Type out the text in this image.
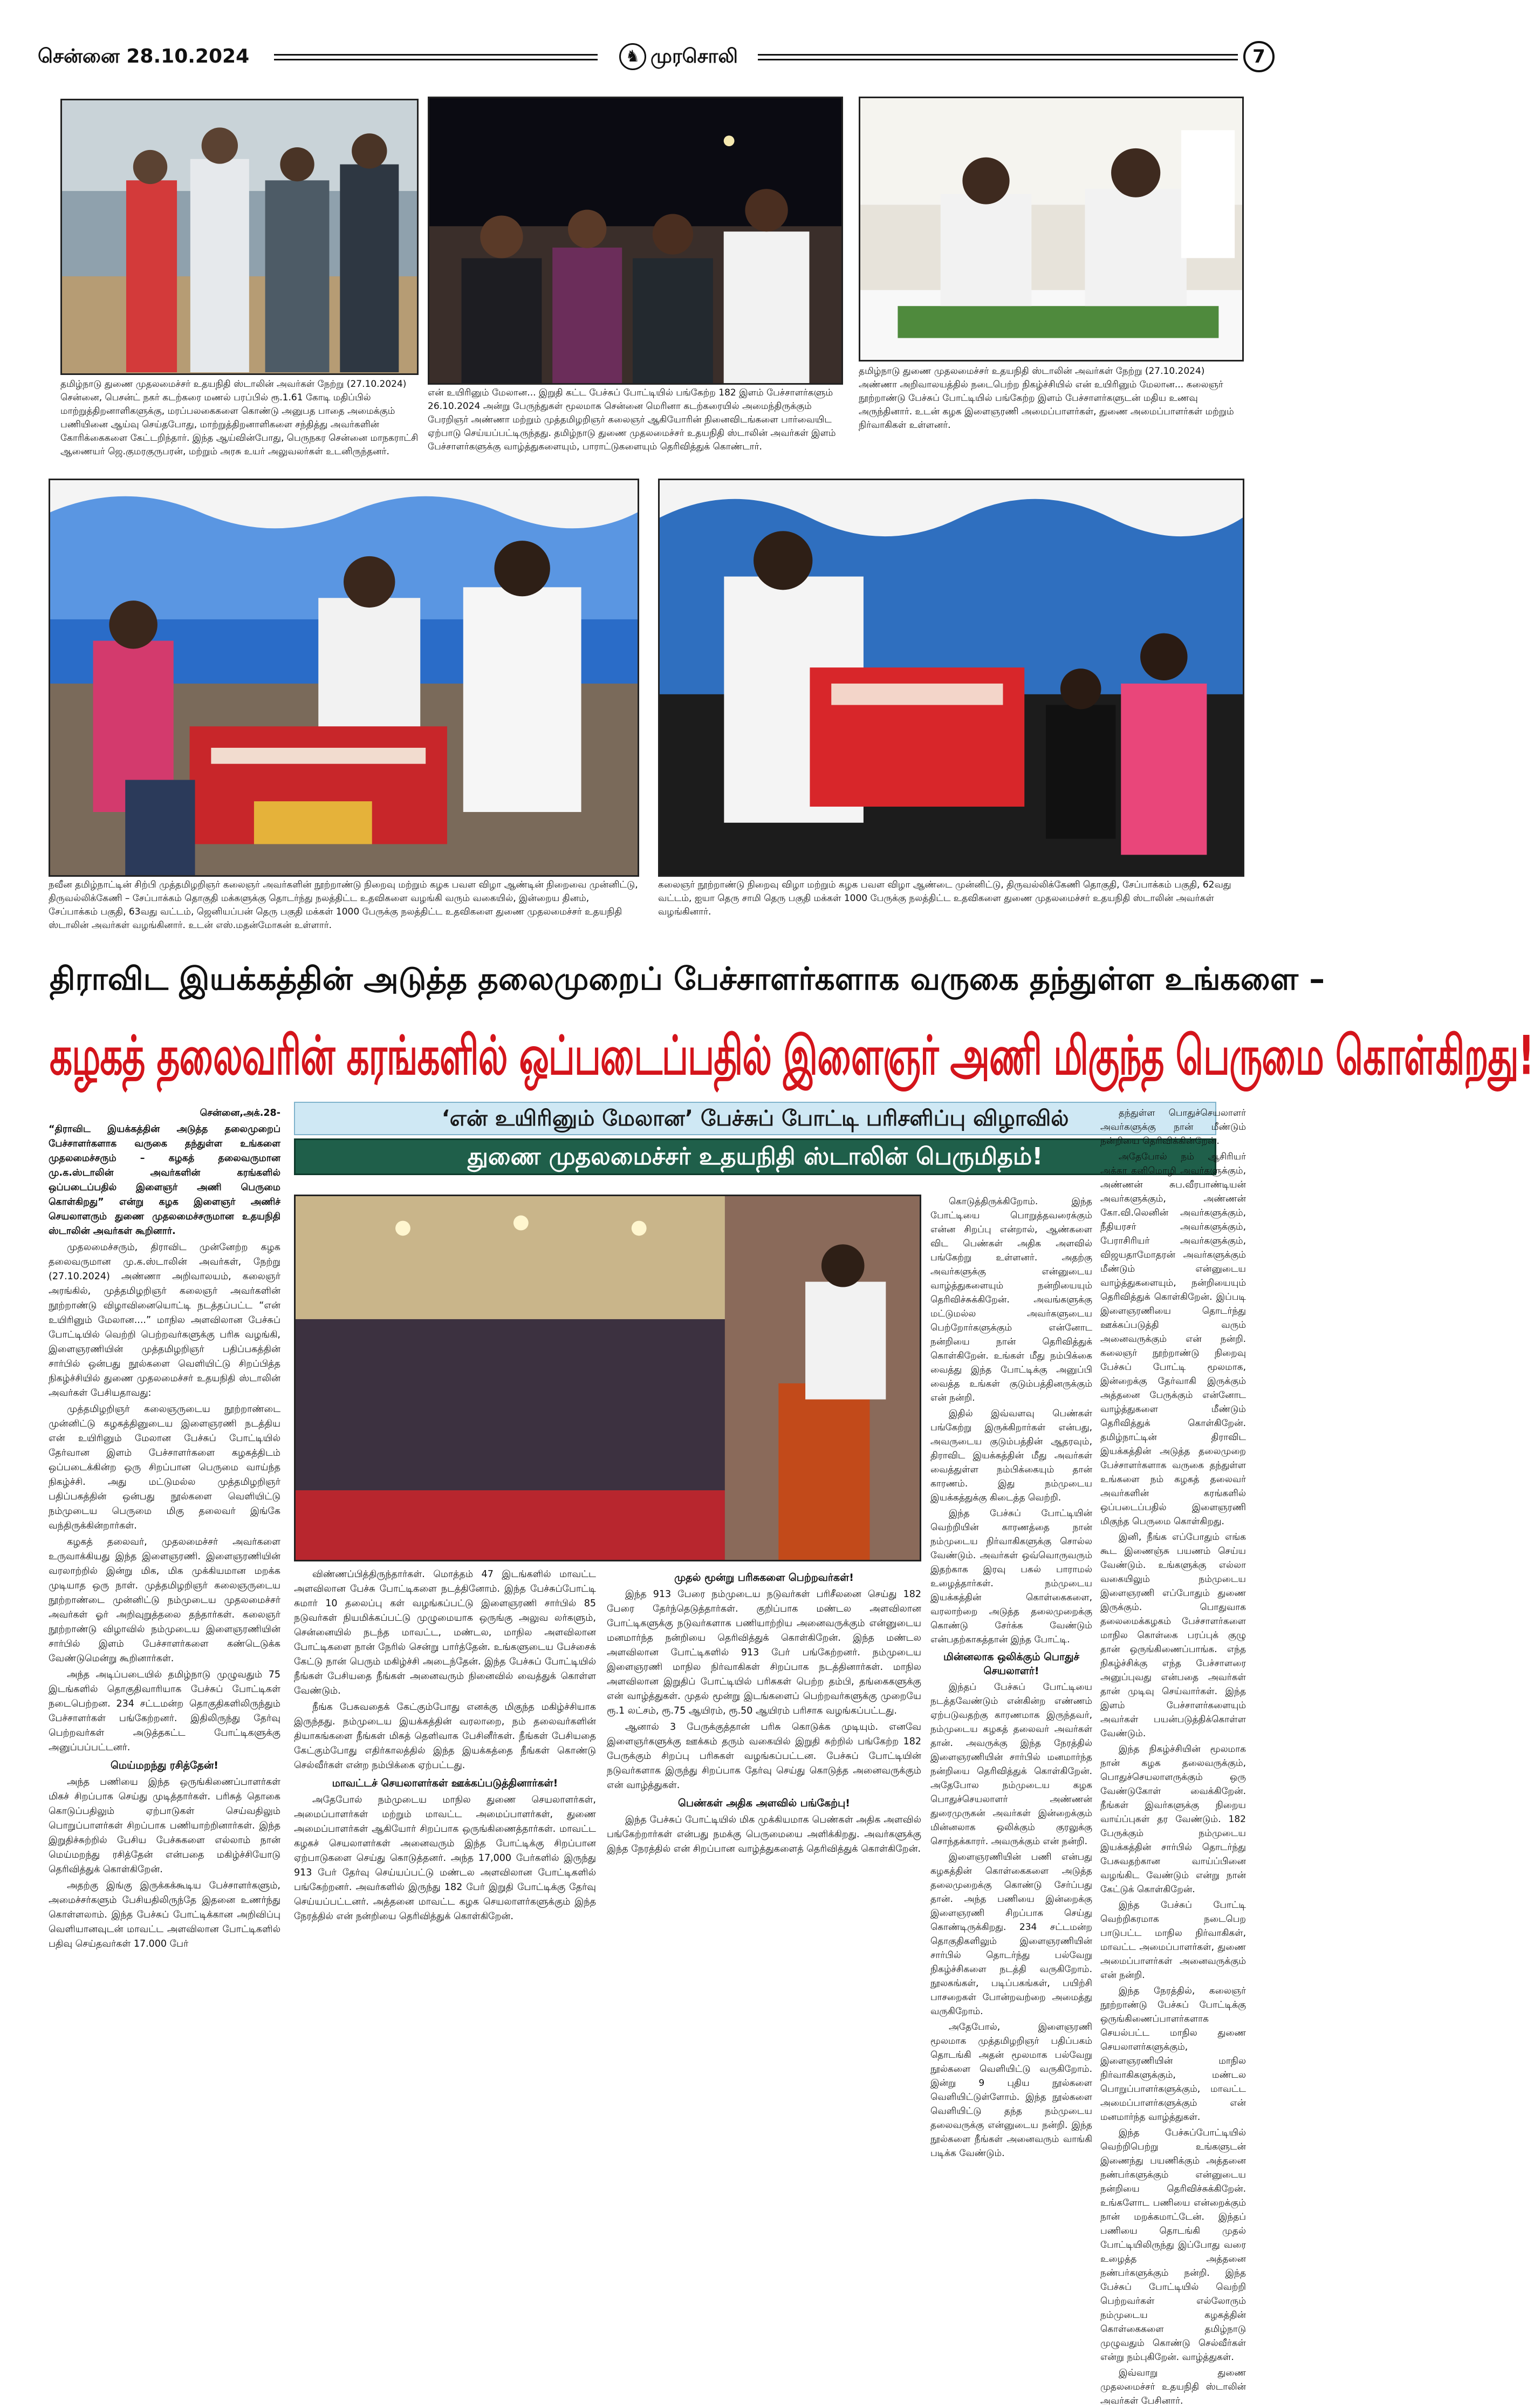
சென்னை 28.10.2024	♞ முரசொலி	7
தமிழ்நாடு துணை முதலமைச்சர் உதயநிதி ஸ்டாலின் அவர்கள் நேற்று (27.10.2024) சென்னை, பெசன்ட் நகர் கடற்கரை மணல் பரப்பில் ரூ.1.61 கோடி மதிப்பில் மாற்றுத்திறனாளிகளுக்கு, மரப்பலகைகளை கொண்டு அனுபத பாதை அமைக்கும் பணியினை ஆய்வு செய்தபோது, மாற்றுத்திறனாளிகளை சந்தித்து அவர்களின் கோரிக்கைகளை கேட்டறிந்தார். இந்த ஆய்வின்போது, பெருநகர சென்னை மாநகராட்சி ஆணையர் ஜெ.குமரகுருபரன், மற்றும் அரசு உயர் அலுவலர்கள் உடனிருந்தனர்.
என் உயிரினும் மேலான... இறுதி கட்ட பேச்சுப் போட்டியில் பங்கேற்ற 182 இளம் பேச்சாளர்களும் 26.10.2024 அன்று பேருந்துகள் மூலமாக சென்னை மெரினா கடற்கரையில் அமைந்திருக்கும் பேரறிஞர் அண்ணா மற்றும் முத்தமிழறிஞர் கலைஞர் ஆகியோரின் நினைவிடங்களை பார்வையிட ஏற்பாடு செய்யப்பட்டிருந்தது. தமிழ்நாடு துணை முதலமைச்சர் உதயநிதி ஸ்டாலின் அவர்கள் இளம் பேச்சாளர்களுக்கு வாழ்த்துகளையும், பாராட்டுகளையும் தெரிவித்துக் கொண்டார்.
தமிழ்நாடு துணை முதலமைச்சர் உதயநிதி ஸ்டாலின் அவர்கள் நேற்று (27.10.2024) அண்ணா அறிவாலயத்தில் நடைபெற்ற நிகழ்ச்சியில் என் உயிரினும் மேலான... கலைஞர் நூற்றாண்டு பேச்சுப் போட்டியில் பங்கேற்ற இளம் பேச்சாளர்களுடன் மதிய உணவு அருந்தினார். உடன் கழக இளைஞரணி அமைப்பாளர்கள், துணை அமைப்பாளர்கள் மற்றும் நிர்வாகிகள் உள்ளனர்.
நவீன தமிழ்நாட்டின் சிற்பி முத்தமிழறிஞர் கலைஞர் அவர்களின் நூற்றாண்டு நிறைவு மற்றும் கழக பவள விழா ஆண்டின் நிறைவை முன்னிட்டு, திருவல்லிக்கேணி – சேப்பாக்கம் தொகுதி மக்களுக்கு தொடர்ந்து நலத்திட்ட உதவிகளை வழங்கி வரும் வகையில், இன்றைய தினம், சேப்பாக்கம் பகுதி, 63வது வட்டம், ஜெனியப்பன் தெரு பகுதி மக்கள் 1000 பேருக்கு நலத்திட்ட உதவிகளை துணை முதலமைச்சர் உதயநிதி ஸ்டாலின் அவர்கள் வழங்கினார். உடன் எஸ்.மதன்மோகன் உள்ளார்.
கலைஞர் நூற்றாண்டு நிறைவு விழா மற்றும் கழக பவள விழா ஆண்டை முன்னிட்டு, திருவல்லிக்கேணி தொகுதி, சேப்பாக்கம் பகுதி, 62வது வட்டம், ஐயா தெரு சாமி தெரு பகுதி மக்கள் 1000 பேருக்கு நலத்திட்ட உதவிகளை துணை முதலமைச்சர் உதயநிதி ஸ்டாலின் அவர்கள் வழங்கினார்.
திராவிட இயக்கத்தின் அடுத்த தலைமுறைப் பேச்சாளர்களாக வருகை தந்துள்ள உங்களை –
கழகத் தலைவரின் கரங்களில் ஒப்படைப்பதில் இளைஞர் அணி மிகுந்த பெருமை கொள்கிறது!
‘என் உயிரினும் மேலான’ பேச்சுப் போட்டி பரிசளிப்பு விழாவில்
துணை முதலமைச்சர் உதயநிதி ஸ்டாலின் பெருமிதம்!

சென்னை,அக்.28-

“திராவிட இயக்கத்தின் அடுத்த தலைமுறைப் பேச்சாளர்களாக வருகை தந்துள்ள உங்களை முதலமைச்சரும் – கழகத் தலைவருமான மு.க.ஸ்டாலின் அவர்களின் கரங்களில் ஒப்படைப்பதில் இளைஞர் அணி பெருமை கொள்கிறது” என்று கழக இளைஞர் அணிச் செயலாளரும் துணை முதலமைச்சருமான உதயநிதி ஸ்டாலின் அவர்கள் கூறினார்.

முதலமைச்சரும், திராவிட முன்னேற்ற கழக தலைவருமான மு.க.ஸ்டாலின் அவர்கள், நேற்று (27.10.2024) அண்ணா அறிவாலயம், கலைஞர் அரங்கில், முத்தமிழறிஞர் கலைஞர் அவர்களின் நூற்றாண்டு விழாவினையொட்டி நடத்தப்பட்ட “என் உயிரினும் மேலான....” மாநில அளவிலான பேச்சுப் போட்டியில் வெற்றி பெற்றவர்களுக்கு பரிசு வழங்கி, இளைஞரணியின் முத்தமிழறிஞர் பதிப்பகத்தின் சார்பில் ஒன்பது நூல்களை வெளியிட்டு சிறப்பித்த நிகழ்ச்சியில் துணை முதலமைச்சர் உதயநிதி ஸ்டாலின் அவர்கள் பேசியதாவது:

முத்தமிழறிஞர் கலைஞருடைய நூற்றாண்டை முன்னிட்டு கழகத்தினுடைய இளைஞரணி நடத்திய என் உயிரினும் மேலான பேச்சுப் போட்டியில் தேர்வான இளம் பேச்சாளர்களை கழகத்திடம் ஒப்படைக்கின்ற ஒரு சிறப்பான பெருமை வாய்ந்த நிகழ்ச்சி. அது மட்டுமல்ல முத்தமிழறிஞர் பதிப்பகத்தின் ஒன்பது நூல்களை வெளியிட்டு நம்முடைய பெருமை மிகு தலைவர் இங்கே வந்திருக்கின்றார்கள்.

கழகத் தலைவர், முதலமைச்சர் அவர்களை உருவாக்கியது இந்த இளைஞரணி. இளைஞரணியின் வரலாற்றில் இன்று மிக, மிக முக்கியமான மறக்க முடியாத ஒரு நாள். முத்தமிழறிஞர் கலைஞருடைய நூற்றாண்டை முன்னிட்டு நம்முடைய முதலமைச்சர் அவர்கள் ஓர் அறிவுறுத்தலை தந்தார்கள். கலைஞர் நூற்றாண்டு விழாவில் நம்முடைய இளைஞரணியின் சார்பில் இளம் பேச்சாளர்களை கண்டெடுக்க வேண்டுமென்று கூறினார்கள்.

அந்த அடிப்படையில் தமிழ்நாடு முழுவதும் 75 இடங்களில் தொகுதிவாரியாக பேச்சுப் போட்டிகள் நடைபெற்றன. 234 சட்டமன்ற தொகுதிகளிலிருந்தும் பேச்சாளர்கள் பங்கேற்றனர். இதிலிருந்து தேர்வு பெற்றவர்கள் அடுத்தகட்ட போட்டிகளுக்கு அனுப்பப்பட்டனர்.

மெய்மறந்து ரசித்தேன்!

அந்த பணியை இந்த ஒருங்கிணைப்பாளர்கள் மிகச் சிறப்பாக செய்து முடித்தார்கள். பரிசுத் தொகை கொடுப்பதிலும் ஏற்பாடுகள் செய்வதிலும் பொறுப்பாளர்கள் சிறப்பாக பணியாற்றினார்கள். இந்த இறுதிச்சுற்றில் பேசிய பேச்சுகளை எல்லாம் நான் மெய்மறந்து ரசித்தேன் என்பதை மகிழ்ச்சியோடு தெரிவித்துக் கொள்கிறேன்.

அதற்கு இங்கு இருக்கக்கூடிய பேச்சாளர்களும், அமைச்சர்களும் பேசியதிலிருந்தே இதனை உணர்ந்து கொள்ளலாம். இந்த பேச்சுப் போட்டிக்கான அறிவிப்பு வெளியானவுடன் மாவட்ட அளவிலான போட்டிகளில் பதிவு செய்தவர்கள் 17.000 பேர்

விண்ணப்பித்திருந்தார்கள். மொத்தம் 47 இடங்களில் மாவட்ட அளவிலான பேச்சு போட்டிகளை நடத்தினோம். இந்த பேச்சுப்போட்டி சுமார் 10 தலைப்பு கள் வழங்கப்பட்டு இளைஞரணி சார்பில் 85 நடுவர்கள் நியமிக்கப்பட்டு முழுமையாக ஒருங்கு அலுவ லர்களும், சென்னையில் நடந்த மாவட்ட, மண்டல, மாநில அளவிலான போட்டிகளை நான் நேரில் சென்று பார்த்தேன். உங்களுடைய பேச்சைக் கேட்டு நான் பெரும் மகிழ்ச்சி அடைந்தேன். இந்த பேச்சுப் போட்டியில் நீங்கள் பேசியதை நீங்கள் அனைவரும் நினைவில் வைத்துக் கொள்ள வேண்டும்.

நீங்க பேசுவதைக் கேட்கும்போது எனக்கு மிகுந்த மகிழ்ச்சியாக இருந்தது. நம்முடைய இயக்கத்தின் வரலாறை, நம் தலைவர்களின் தியாகங்களை நீங்கள் மிகத் தெளிவாக பேசினீர்கள். நீங்கள் பேசியதை கேட்கும்போது எதிர்காலத்தில் இந்த இயக்கத்தை நீங்கள் கொண்டு செல்வீர்கள் என்ற நம்பிக்கை ஏற்பட்டது.

மாவட்டச் செயலாளர்கள் ஊக்கப்படுத்தினார்கள்!

அதேபோல் நம்முடைய மாநில துணை செயலாளர்கள், அமைப்பாளர்கள் மற்றும் மாவட்ட அமைப்பாளர்கள், துணை அமைப்பாளர்கள் ஆகியோர் சிறப்பாக ஒருங்கிணைத்தார்கள். மாவட்ட கழகச் செயலாளர்கள் அனைவரும் இந்த போட்டிக்கு சிறப்பான ஏற்பாடுகளை செய்து கொடுத்தனர். அந்த 17,000 பேர்களில் இருந்து 913 பேர் தேர்வு செய்யப்பட்டு மண்டல அளவிலான போட்டிகளில் பங்கேற்றனர். அவர்களில் இருந்து 182 பேர் இறுதி போட்டிக்கு தேர்வு செய்யப்பட்டனர். அத்தனை மாவட்ட கழக செயலாளர்களுக்கும் இந்த நேரத்தில் என் நன்றியை தெரிவித்துக் கொள்கிறேன்.

முதல் மூன்று பரிசுகளை பெற்றவர்கள்!

இந்த 913 பேரை நம்முடைய நடுவர்கள் பரிசீலனை செய்து 182 பேரை தேர்ந்தெடுத்தார்கள். குறிப்பாக மண்டல அளவிலான போட்டிகளுக்கு நடுவர்களாக பணியாற்றிய அனைவருக்கும் என்னுடைய மனமார்ந்த நன்றியை தெரிவித்துக் கொள்கிறேன். இந்த மண்டல அளவிலான போட்டிகளில் 913 பேர் பங்கேற்றனர். நம்முடைய இளைஞரணி மாநில நிர்வாகிகள் சிறப்பாக நடத்தினார்கள். மாநில அளவிலான இறுதிப் போட்டியில் பரிசுகள் பெற்ற தம்பி, தங்கைகளுக்கு என் வாழ்த்துகள். முதல் மூன்று இடங்களைப் பெற்றவர்களுக்கு முறையே ரூ.1 லட்சம், ரூ.75 ஆயிரம், ரூ.50 ஆயிரம் பரிசாக வழங்கப்பட்டது.

ஆனால் 3 பேருக்குத்தான் பரிசு கொடுக்க முடியும். எனவே இளைஞர்களுக்கு ஊக்கம் தரும் வகையில் இறுதி சுற்றில் பங்கேற்ற 182 பேருக்கும் சிறப்பு பரிசுகள் வழங்கப்பட்டன. பேச்சுப் போட்டியின் நடுவர்களாக இருந்து சிறப்பாக தேர்வு செய்து கொடுத்த அனைவருக்கும் என் வாழ்த்துகள்.

பெண்கள் அதிக அளவில் பங்கேற்பு!

இந்த பேச்சுப் போட்டியில் மிக முக்கியமாக பெண்கள் அதிக அளவில் பங்கேற்றார்கள் என்பது நமக்கு பெருமையை அளிக்கிறது. அவர்களுக்கு இந்த நேரத்தில் என் சிறப்பான வாழ்த்துகளைத் தெரிவித்துக் கொள்கிறேன்.

கொடுத்திருக்கிறோம். இந்த போட்டியை பொறுத்தவரைக்கும் என்ன சிறப்பு என்றால், ஆண்களை விட பெண்கள் அதிக அளவில் பங்கேற்று உள்ளனர். அதற்கு அவர்களுக்கு என்னுடைய வாழ்த்துகளையும் நன்றியையும் தெரிவிச்சுக்கிறேன். அவங்களுக்கு மட்டுமல்ல அவர்களுடைய பெற்றோர்களுக்கும் என்னோட நன்றியை நான் தெரிவித்துக் கொள்கிறேன். உங்கள் மீது நம்பிக்கை வைத்து இந்த போட்டிக்கு அனுப்பி வைத்த உங்கள் குடும்பத்தினருக்கும் என் நன்றி.

இதில் இவ்வளவு பெண்கள் பங்கேற்று இருக்கிறார்கள் என்பது, அவருடைய குடும்பத்தின் ஆதரவும், திராவிட இயக்கத்தின் மீது அவர்கள் வைத்துள்ள நம்பிக்கையும் தான் காரணம். இது நம்முடைய இயக்கத்துக்கு கிடைத்த வெற்றி.

இந்த பேச்சுப் போட்டியின் வெற்றியின் காரணத்தை நான் நம்முடைய நிர்வாகிகளுக்கு சொல்ல வேண்டும். அவர்கள் ஒவ்வொருவரும் இதற்காக இரவு பகல் பாராமல் உழைத்தார்கள். நம்முடைய இயக்கத்தின் கொள்கைகளை, வரலாற்றை அடுத்த தலைமுறைக்கு கொண்டு சேர்க்க வேண்டும் என்பதற்காகத்தான் இந்த போட்டி.

மின்னலாக ஒலிக்கும் பொதுச் செயலாளர்!

இந்தப் பேச்சுப் போட்டியை நடத்தவேண்டும் என்கின்ற எண்ணம் ஏற்படுவதற்கு காரணமாக இருந்தவர், நம்முடைய கழகத் தலைவர் அவர்கள் தான். அவருக்கு இந்த நேரத்தில் இளைஞரணியின் சார்பில் மனமார்ந்த நன்றியை தெரிவித்துக் கொள்கிறேன். அதேபோல நம்முடைய கழக பொதுச்செயலாளர் அண்ணன் துரைமுருகன் அவர்கள் இன்றைக்கும் மின்னலாக ஒலிக்கும் குரலுக்கு சொந்தக்காரர். அவருக்கும் என் நன்றி.

இளைஞரணியின் பணி என்பது கழகத்தின் கொள்கைகளை அடுத்த தலைமுறைக்கு கொண்டு சேர்ப்பது தான். அந்த பணியை இன்றைக்கு இளைஞரணி சிறப்பாக செய்து கொண்டிருக்கிறது. 234 சட்டமன்ற தொகுதிகளிலும் இளைஞரணியின் சார்பில் தொடர்ந்து பல்வேறு நிகழ்ச்சிகளை நடத்தி வருகிறோம். நூலகங்கள், படிப்பகங்கள், பயிற்சி பாசறைகள் போன்றவற்றை அமைத்து வருகிறோம்.

அதேபோல், இளைஞரணி மூலமாக முத்தமிழறிஞர் பதிப்பகம் தொடங்கி அதன் மூலமாக பல்வேறு நூல்களை வெளியிட்டு வருகிறோம். இன்று 9 புதிய நூல்களை வெளியிட்டுள்ளோம். இந்த நூல்களை வெளியிட்டு தந்த நம்முடைய தலைவருக்கு என்னுடைய நன்றி. இந்த நூல்களை நீங்கள் அனைவரும் வாங்கி படிக்க வேண்டும்.

தந்துள்ள பொதுச்செயலாளர் அவர்களுக்கு நான் மீண்டும் நன்றியை தெரிவிக்கின்றேன்.

அதேபோல் நம் ஆசிரியர் அக்கா கனிமொழி அவர்களுக்கும், அண்ணன் சுப.வீரபாண்டியன் அவர்களுக்கும், அண்ணன் கோ.வி.லெனின் அவர்களுக்கும், நீதியரசர் அவர்களுக்கும், பேராசிரியர் அவர்களுக்கும், விஜயதாமோதரன் அவர்களுக்கும் மீண்டும் என்னுடைய வாழ்த்துகளையும், நன்றியையும் தெரிவித்துக் கொள்கிறேன். இப்படி இளைஞரணியை தொடர்ந்து ஊக்கப்படுத்தி வரும் அனைவருக்கும் என் நன்றி. கலைஞர் நூற்றாண்டு நிறைவு பேச்சுப் போட்டி மூலமாக, இன்றைக்கு தேர்வாகி இருக்கும் அத்தனை பேருக்கும் என்னோட வாழ்த்துகளை மீண்டும் தெரிவித்துக் கொள்கிறேன். தமிழ்நாட்டின் திராவிட இயக்கத்தின் அடுத்த தலைமுறை பேச்சாளர்களாக வருகை தந்துள்ள உங்களை நம் கழகத் தலைவர் அவர்களின் கரங்களில் ஒப்படைப்பதில் இளைஞரணி மிகுந்த பெருமை கொள்கிறது.

இனி, நீங்க எப்போதும் எங்க கூட இணைஞ்சு பயணம் செய்ய வேண்டும். உங்களுக்கு எல்லா வகையிலும் நம்முடைய இளைஞரணி எப்போதும் துணை இருக்கும். பொதுவாக தலைமைக்கழகம் பேச்சாளர்களை மாநில கொள்கை பரப்புக் குழு தான் ஒருங்கிணைப்பாங்க. எந்த நிகழ்ச்சிக்கு எந்த பேச்சாளரை அனுப்புவது என்பதை அவர்கள் தான் முடிவு செய்வார்கள். இந்த இளம் பேச்சாளர்களையும் அவர்கள் பயன்படுத்திக்கொள்ள வேண்டும்.

இந்த நிகழ்ச்சியின் மூலமாக நான் கழக தலைவருக்கும், பொதுச்செயலாளருக்கும் ஒரு வேண்டுகோள் வைக்கிறேன். நீங்கள் இவர்களுக்கு நிறைய வாய்ப்புகள் தர வேண்டும். 182 பேருக்கும் நம்முடைய இயக்கத்தின் சார்பில் தொடர்ந்து பேசுவதற்கான வாய்ப்பினை வழங்கிட வேண்டும் என்று நான் கேட்டுக் கொள்கிறேன்.

இந்த பேச்சுப் போட்டி வெற்றிகரமாக நடைபெற பாடுபட்ட மாநில நிர்வாகிகள், மாவட்ட அமைப்பாளர்கள், துணை அமைப்பாளர்கள் அனைவருக்கும் என் நன்றி.

இந்த நேரத்தில், கலைஞர் நூற்றாண்டு பேச்சுப் போட்டிக்கு ஒருங்கிணைப்பாளர்களாக செயல்பட்ட மாநில துணை செயலாளர்களுக்கும், இளைஞரணியின் மாநில நிர்வாகிகளுக்கும், மண்டல பொறுப்பாளர்களுக்கும், மாவட்ட அமைப்பாளர்களுக்கும் என் மனமார்ந்த வாழ்த்துகள்.

இந்த பேச்சுப்போட்டியில் வெற்றிபெற்று உங்களுடன் இணைந்து பயணிக்கும் அத்தனை நண்பர்களுக்கும் என்னுடைய நன்றியை தெரிவிச்சுக்கிறேன். உங்களோட பணியை என்றைக்கும் நான் மறக்கமாட்டேன். இந்தப் பணியை தொடங்கி முதல் போட்டியிலிருந்து இப்போது வரை உழைத்த அத்தனை நண்பர்களுக்கும் நன்றி. இந்த பேச்சுப் போட்டியில் வெற்றி பெற்றவர்கள் எல்லோரும் நம்முடைய கழகத்தின் கொள்கைகளை தமிழ்நாடு முழுவதும் கொண்டு செல்வீர்கள் என்று நம்புகிறேன். வாழ்த்துகள்.

இவ்வாறு துணை முதலமைச்சர் உதயநிதி ஸ்டாலின் அவர்கள் பேசினார்.
